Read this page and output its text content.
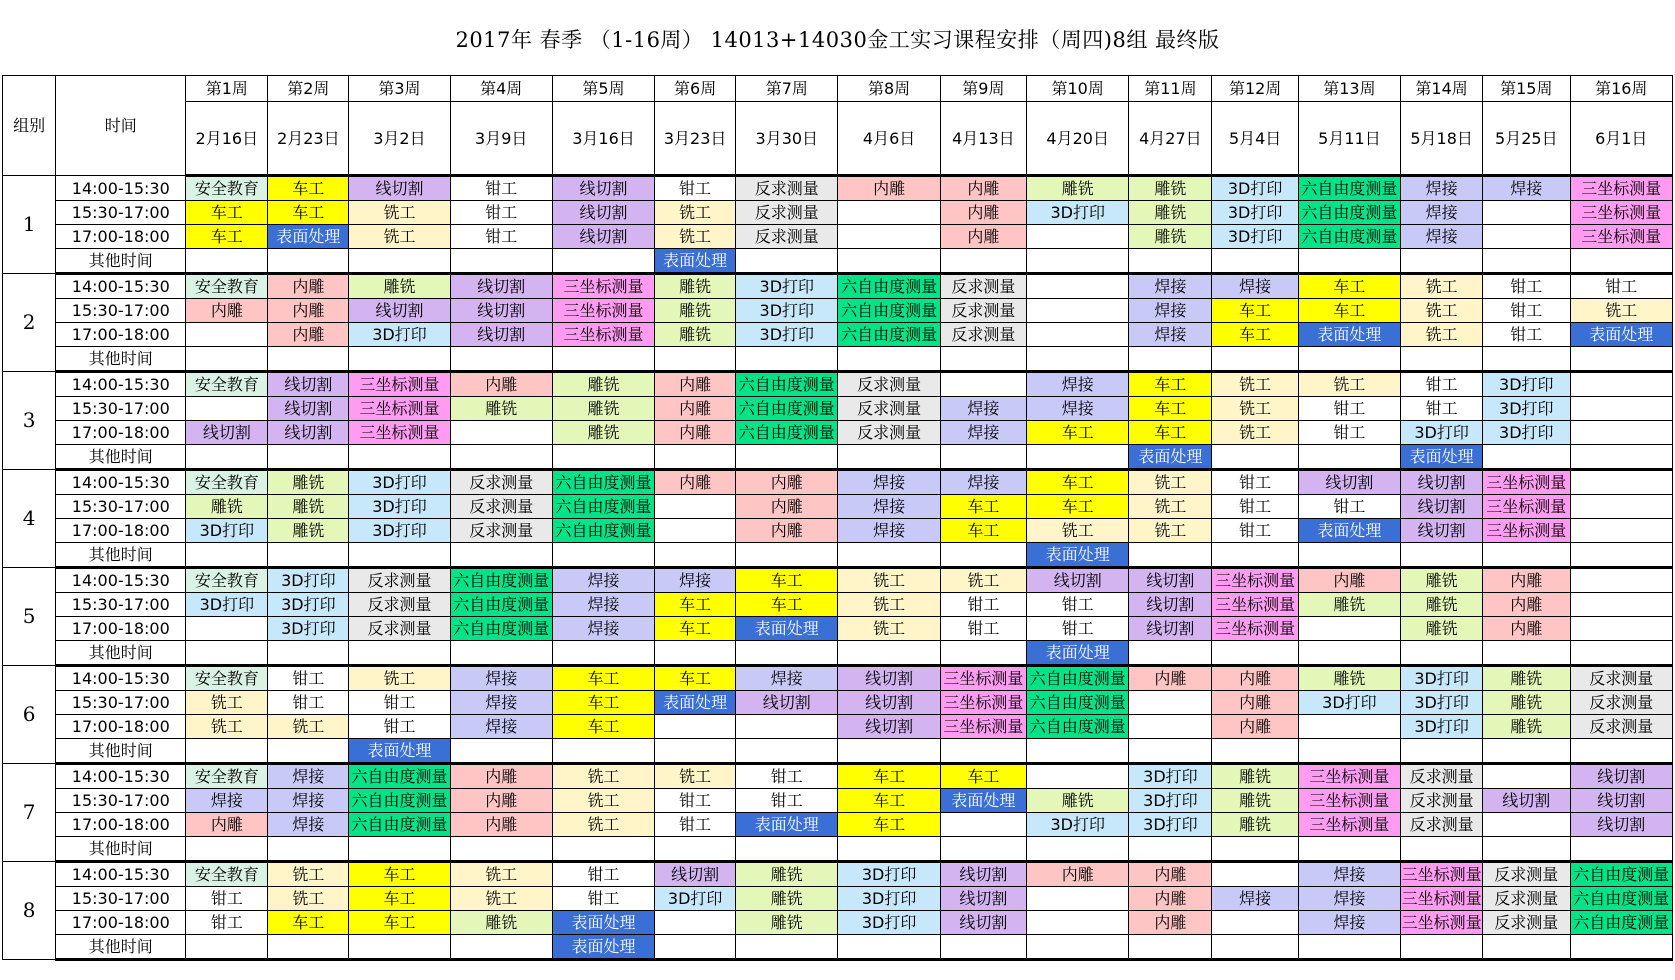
2017年 春季 （1-16周） 14013+14030金工实习课程安排（周四)8组 最终版
组别	时间	第1周	第2周	第3周	第4周	第5周	第6周	第7周	第8周	第9周	第10周	第11周	第12周	第13周	第14周	第15周	第16周
		2月16日	2月23日	3月2日	3月9日	3月16日	3月23日	3月30日	4月6日	4月13日	4月20日	4月27日	5月4日	5月11日	5月18日	5月25日	6月1日
1	14:00-15:30	安全教育	车工	线切割	钳工	线切割	钳工	反求测量	内雕	内雕	雕铣	雕铣	3D打印	六自由度测量	焊接	焊接	三坐标测量
	15:30-17:00	车工	车工	铣工	钳工	线切割	铣工	反求测量		内雕	3D打印	雕铣	3D打印	六自由度测量	焊接		三坐标测量
	17:00-18:00	车工	表面处理	铣工	钳工	线切割	铣工	反求测量		内雕		雕铣	3D打印	六自由度测量	焊接		三坐标测量
	其他时间						表面处理										
2	14:00-15:30	安全教育	内雕	雕铣	线切割	三坐标测量	雕铣	3D打印	六自由度测量	反求测量		焊接	焊接	车工	铣工	钳工	钳工
	15:30-17:00	内雕	内雕	线切割	线切割	三坐标测量	雕铣	3D打印	六自由度测量	反求测量		焊接	车工	车工	铣工	钳工	铣工
	17:00-18:00		内雕	3D打印	线切割	三坐标测量	雕铣	3D打印	六自由度测量	反求测量		焊接	车工	表面处理	铣工	钳工	表面处理
	其他时间																
3	14:00-15:30	安全教育	线切割	三坐标测量	内雕	雕铣	内雕	六自由度测量	反求测量		焊接	车工	铣工	铣工	钳工	3D打印	
	15:30-17:00		线切割	三坐标测量	雕铣	雕铣	内雕	六自由度测量	反求测量	焊接	焊接	车工	铣工	钳工	钳工	3D打印	
	17:00-18:00	线切割	线切割	三坐标测量		雕铣	内雕	六自由度测量	反求测量	焊接	车工	车工	铣工	钳工	3D打印	3D打印	
	其他时间											表面处理			表面处理		
4	14:00-15:30	安全教育	雕铣	3D打印	反求测量	六自由度测量	内雕	内雕	焊接	焊接	车工	铣工	钳工	线切割	线切割	三坐标测量	
	15:30-17:00	雕铣	雕铣	3D打印	反求测量	六自由度测量		内雕	焊接	车工	车工	铣工	钳工	钳工	线切割	三坐标测量	
	17:00-18:00	3D打印	雕铣	3D打印	反求测量	六自由度测量		内雕	焊接	车工	铣工	铣工	钳工	表面处理	线切割	三坐标测量	
	其他时间										表面处理						
5	14:00-15:30	安全教育	3D打印	反求测量	六自由度测量	焊接	焊接	车工	铣工	铣工	线切割	线切割	三坐标测量	内雕	雕铣	内雕	
	15:30-17:00	3D打印	3D打印	反求测量	六自由度测量	焊接	车工	车工	铣工	钳工	钳工	线切割	三坐标测量	雕铣	雕铣	内雕	
	17:00-18:00		3D打印	反求测量	六自由度测量	焊接	车工	表面处理	铣工	钳工	钳工	线切割	三坐标测量		雕铣	内雕	
	其他时间										表面处理						
6	14:00-15:30	安全教育	钳工	铣工	焊接	车工	车工	焊接	线切割	三坐标测量	六自由度测量	内雕	内雕	雕铣	3D打印	雕铣	反求测量
	15:30-17:00	铣工	钳工	钳工	焊接	车工	表面处理	线切割	线切割	三坐标测量	六自由度测量		内雕	3D打印	3D打印	雕铣	反求测量
	17:00-18:00	铣工	铣工	钳工	焊接	车工			线切割	三坐标测量	六自由度测量		内雕		3D打印	雕铣	反求测量
	其他时间			表面处理													
7	14:00-15:30	安全教育	焊接	六自由度测量	内雕	铣工	铣工	钳工	车工	车工		3D打印	雕铣	三坐标测量	反求测量		线切割
	15:30-17:00	焊接	焊接	六自由度测量	内雕	铣工	钳工	钳工	车工	表面处理	雕铣	3D打印	雕铣	三坐标测量	反求测量	线切割	线切割
	17:00-18:00	内雕	焊接	六自由度测量	内雕	铣工	钳工	表面处理	车工		3D打印	3D打印	雕铣	三坐标测量	反求测量		线切割
	其他时间																
8	14:00-15:30	安全教育	铣工	车工	铣工	钳工	线切割	雕铣	3D打印	线切割	内雕	内雕		焊接	三坐标测量	反求测量	六自由度测量
	15:30-17:00	钳工	铣工	车工	铣工	钳工	3D打印	雕铣	3D打印	线切割		内雕	焊接	焊接	三坐标测量	反求测量	六自由度测量
	17:00-18:00	钳工	车工	车工	雕铣	表面处理		雕铣	3D打印	线切割		内雕		焊接	三坐标测量	反求测量	六自由度测量
	其他时间					表面处理											
